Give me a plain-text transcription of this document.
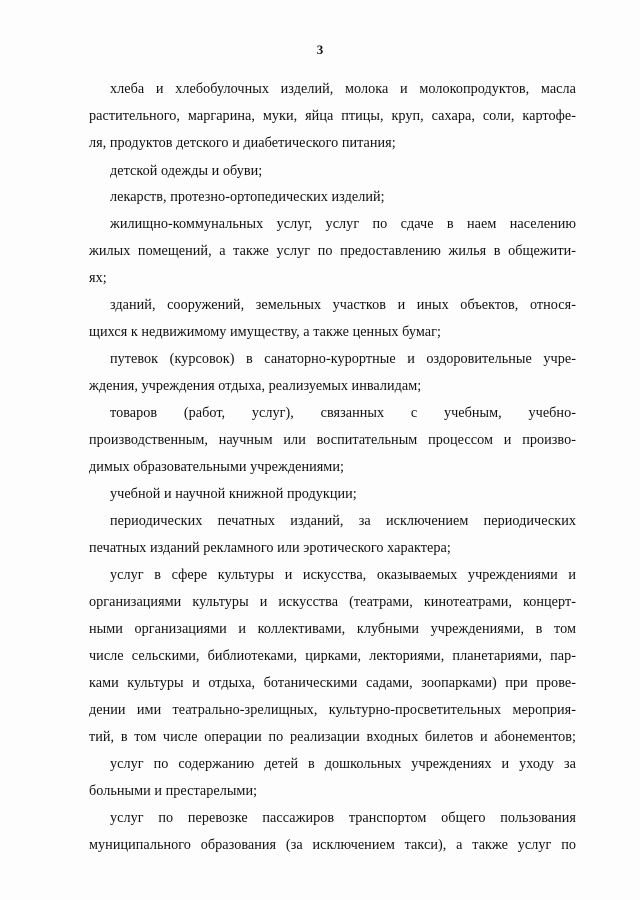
3
хлеба и хлебобулочных изделий, молока и молокопродуктов, масла
растительного, маргарина, муки, яйца птицы, круп, сахара, соли, картофе-
ля, продуктов детского и диабетического питания;
детской одежды и обуви;
лекарств, протезно-ортопедических изделий;
жилищно-коммунальных услуг, услуг по сдаче в наем населению
жилых помещений, а также услуг по предоставлению жилья в общежити-
ях;
зданий, сооружений, земельных участков и иных объектов, относя-
щихся к недвижимому имуществу, а также ценных бумаг;
путевок (курсовок) в санаторно-курортные и оздоровительные учре-
ждения, учреждения отдыха, реализуемых инвалидам;
товаров (работ, услуг), связанных с учебным, учебно-
производственным, научным или воспитательным процессом и произво-
димых образовательными учреждениями;
учебной и научной книжной продукции;
периодических печатных изданий, за исключением периодических
печатных изданий рекламного или эротического характера;
услуг в сфере культуры и искусства, оказываемых учреждениями и
организациями культуры и искусства (театрами, кинотеатрами, концерт-
ными организациями и коллективами, клубными учреждениями, в том
числе сельскими, библиотеками, цирками, лекториями, планетариями, пар-
ками культуры и отдыха, ботаническими садами, зоопарками) при прове-
дении ими театрально-зрелищных, культурно-просветительных мероприя-
тий, в том числе операции по реализации входных билетов и абонементов;
услуг по содержанию детей в дошкольных учреждениях и уходу за
больными и престарелыми;
услуг по перевозке пассажиров транспортом общего пользования
муниципального образования (за исключением такси), а также услуг по
